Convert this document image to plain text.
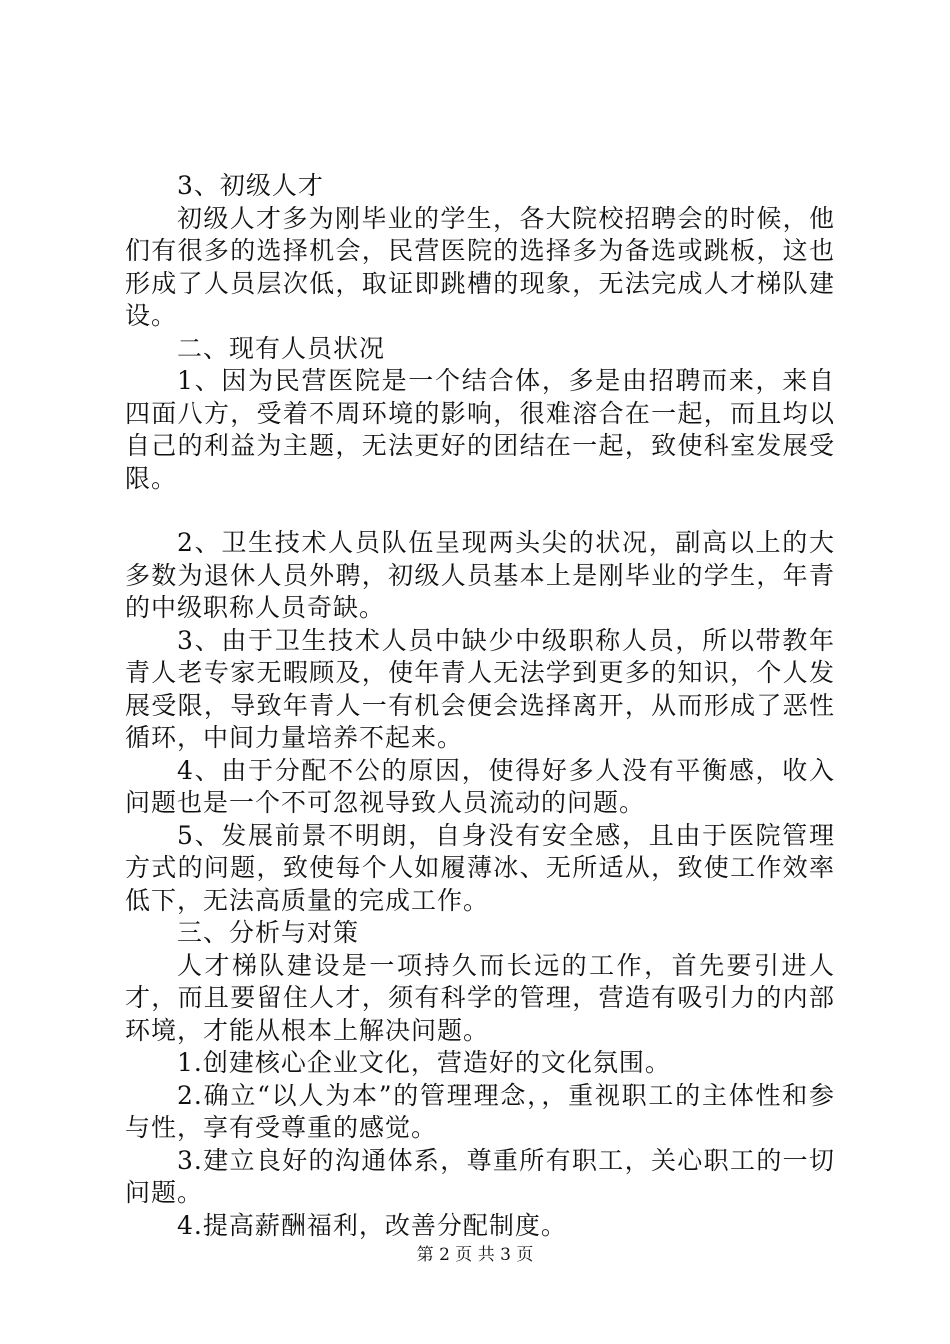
3、初级人才

初级人才多为刚毕业的学生，各大院校招聘会的时候，他们有很多的选择机会，民营医院的选择多为备选或跳板，这也形成了人员层次低，取证即跳槽的现象，无法完成人才梯队建设。

二、现有人员状况

1、因为民营医院是一个结合体，多是由招聘而来，来自四面八方，受着不周环境的影响，很难溶合在一起，而且均以自己的利益为主题，无法更好的团结在一起，致使科室发展受限。

2、卫生技术人员队伍呈现两头尖的状况，副高以上的大多数为退休人员外聘，初级人员基本上是刚毕业的学生，年青的中级职称人员奇缺。

3、由于卫生技术人员中缺少中级职称人员，所以带教年青人老专家无暇顾及，使年青人无法学到更多的知识，个人发展受限，导致年青人一有机会便会选择离开，从而形成了恶性循环，中间力量培养不起来。

4、由于分配不公的原因，使得好多人没有平衡感，收入问题也是一个不可忽视导致人员流动的问题。

5、发展前景不明朗，自身没有安全感，且由于医院管理方式的问题，致使每个人如履薄冰、无所适从，致使工作效率低下，无法高质量的完成工作。

三、分析与对策

人才梯队建设是一项持久而长远的工作，首先要引进人才，而且要留住人才，须有科学的管理，营造有吸引力的内部环境，才能从根本上解决问题。

1.创建核心企业文化，营造好的文化氛围。

2.确立“以人为本”的管理理念，，重视职工的主体性和参与性，享有受尊重的感觉。

3.建立良好的沟通体系，尊重所有职工，关心职工的一切问题。

4.提高薪酬福利，改善分配制度。

第 2 页 共 3 页
